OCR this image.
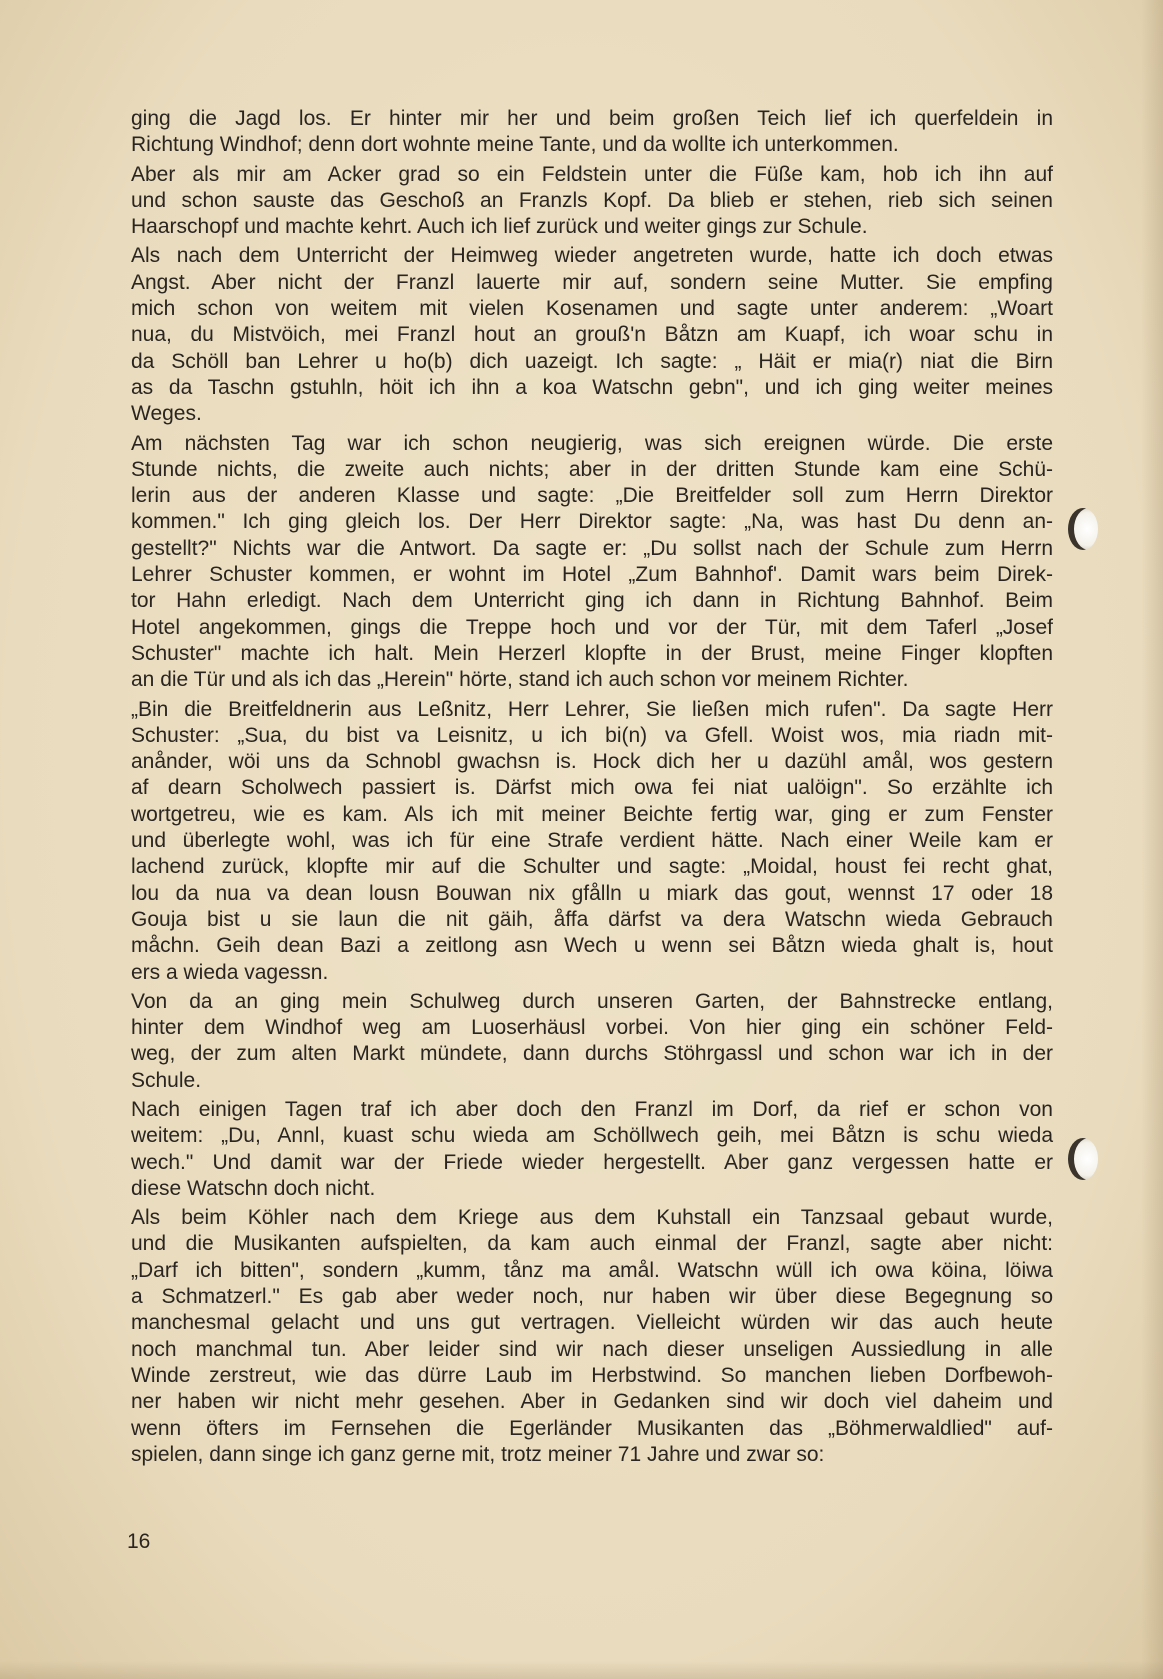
ging die Jagd los. Er hinter mir her und beim großen Teich lief ich querfeldein in
Richtung Windhof; denn dort wohnte meine Tante, und da wollte ich unterkommen.

Aber als mir am Acker grad so ein Feldstein unter die Füße kam, hob ich ihn auf
und schon sauste das Geschoß an Franzls Kopf. Da blieb er stehen, rieb sich seinen
Haarschopf und machte kehrt. Auch ich lief zurück und weiter gings zur Schule.

Als nach dem Unterricht der Heimweg wieder angetreten wurde, hatte ich doch etwas
Angst. Aber nicht der Franzl lauerte mir auf, sondern seine Mutter. Sie empfing
mich schon von weitem mit vielen Kosenamen und sagte unter anderem: „Woart
nua, du Mistvöich, mei Franzl hout an grouß'n Båtzn am Kuapf, ich woar schu in
da Schöll ban Lehrer u ho(b) dich uazeigt. Ich sagte: „ Häit er mia(r) niat die Birn
as da Taschn gstuhln, höit ich ihn a koa Watschn gebn", und ich ging weiter meines
Weges.

Am nächsten Tag war ich schon neugierig, was sich ereignen würde. Die erste
Stunde nichts, die zweite auch nichts; aber in der dritten Stunde kam eine Schü-
lerin aus der anderen Klasse und sagte: „Die Breitfelder soll zum Herrn Direktor
kommen." Ich ging gleich los. Der Herr Direktor sagte: „Na, was hast Du denn an-
gestellt?" Nichts war die Antwort. Da sagte er: „Du sollst nach der Schule zum Herrn
Lehrer Schuster kommen, er wohnt im Hotel „Zum Bahnhof'. Damit wars beim Direk-
tor Hahn erledigt. Nach dem Unterricht ging ich dann in Richtung Bahnhof. Beim
Hotel angekommen, gings die Treppe hoch und vor der Tür, mit dem Taferl „Josef
Schuster" machte ich halt. Mein Herzerl klopfte in der Brust, meine Finger klopften
an die Tür und als ich das „Herein" hörte, stand ich auch schon vor meinem Richter.

„Bin die Breitfeldnerin aus Leßnitz, Herr Lehrer, Sie ließen mich rufen". Da sagte Herr
Schuster: „Sua, du bist va Leisnitz, u ich bi(n) va Gfell. Woist wos, mia riadn mit-
anånder, wöi uns da Schnobl gwachsn is. Hock dich her u dazühl amål, wos gestern
af dearn Scholwech passiert is. Därfst mich owa fei niat ualöign". So erzählte ich
wortgetreu, wie es kam. Als ich mit meiner Beichte fertig war, ging er zum Fenster
und überlegte wohl, was ich für eine Strafe verdient hätte. Nach einer Weile kam er
lachend zurück, klopfte mir auf die Schulter und sagte: „Moidal, houst fei recht ghat,
lou da nua va dean lousn Bouwan nix gfålln u miark das gout, wennst 17 oder 18
Gouja bist u sie laun die nit gäih, åffa därfst va dera Watschn wieda Gebrauch
måchn. Geih dean Bazi a zeitlong asn Wech u wenn sei Båtzn wieda ghalt is, hout
ers a wieda vagessn.

Von da an ging mein Schulweg durch unseren Garten, der Bahnstrecke entlang,
hinter dem Windhof weg am Luoserhäusl vorbei. Von hier ging ein schöner Feld-
weg, der zum alten Markt mündete, dann durchs Stöhrgassl und schon war ich in der
Schule.

Nach einigen Tagen traf ich aber doch den Franzl im Dorf, da rief er schon von
weitem: „Du, Annl, kuast schu wieda am Schöllwech geih, mei Båtzn is schu wieda
wech." Und damit war der Friede wieder hergestellt. Aber ganz vergessen hatte er
diese Watschn doch nicht.

Als beim Köhler nach dem Kriege aus dem Kuhstall ein Tanzsaal gebaut wurde,
und die Musikanten aufspielten, da kam auch einmal der Franzl, sagte aber nicht:
„Darf ich bitten", sondern „kumm, tånz ma amål. Watschn wüll ich owa köina, löiwa
a Schmatzerl." Es gab aber weder noch, nur haben wir über diese Begegnung so
manchesmal gelacht und uns gut vertragen. Vielleicht würden wir das auch heute
noch manchmal tun. Aber leider sind wir nach dieser unseligen Aussiedlung in alle
Winde zerstreut, wie das dürre Laub im Herbstwind. So manchen lieben Dorfbewoh-
ner haben wir nicht mehr gesehen. Aber in Gedanken sind wir doch viel daheim und
wenn öfters im Fernsehen die Egerländer Musikanten das „Böhmerwaldlied" auf-
spielen, dann singe ich ganz gerne mit, trotz meiner 71 Jahre und zwar so:

16
